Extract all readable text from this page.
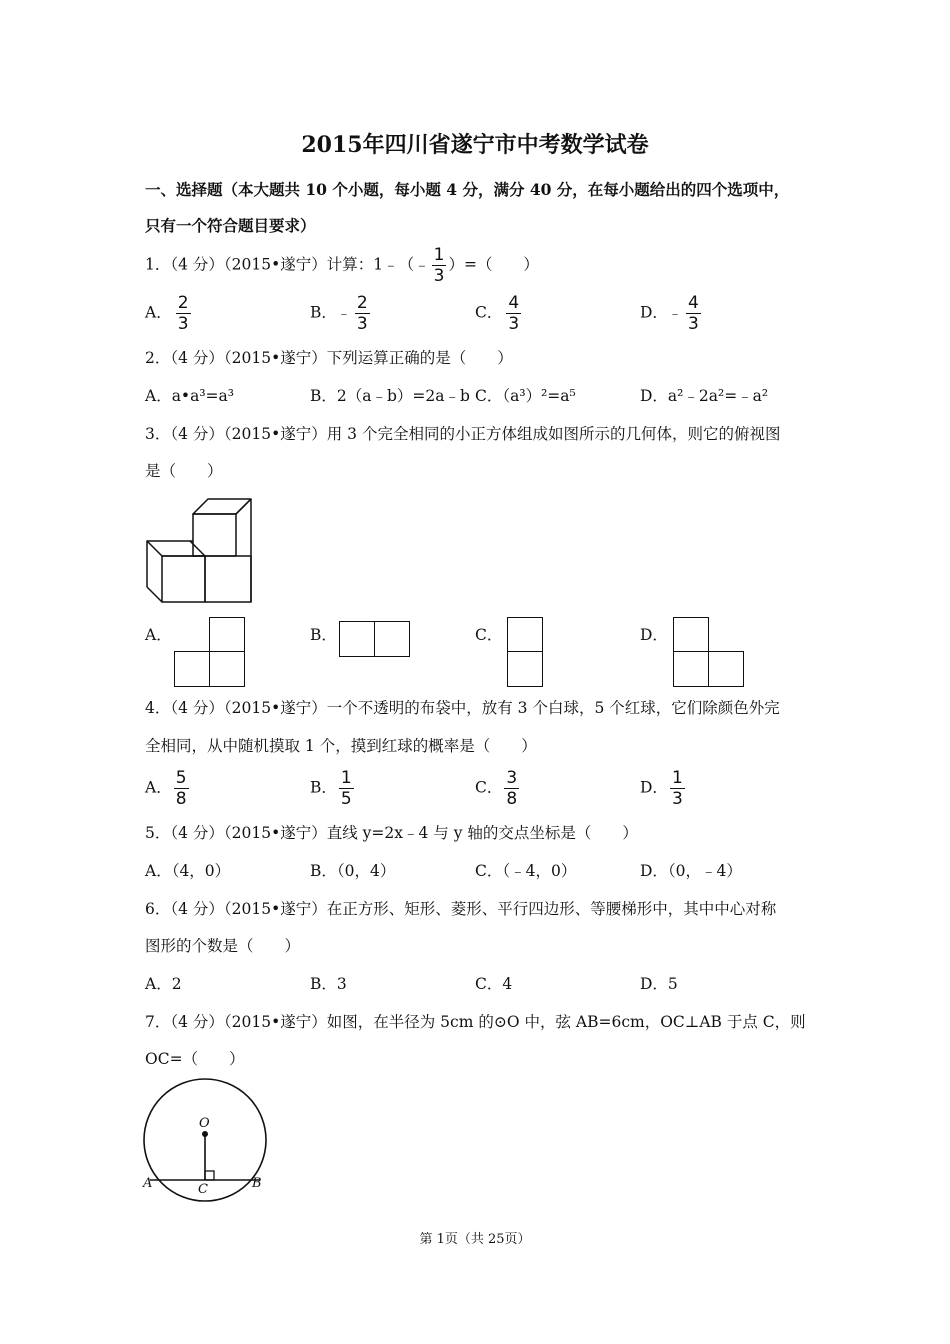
2015年四川省遂宁市中考数学试卷
一、选择题（本大题共 10 个小题，每小题 4 分，满分 40 分，在每小题给出的四个选项中，
只有一个符合题目要求）
1．（4 分）（2015•遂宁）计算：1﹣（﹣ $\frac{1}{3}$ ）=（　　）
A． $\frac{2}{3}$	B．﹣ $\frac{2}{3}$	C． $\frac{4}{3}$	D．﹣ $\frac{4}{3}$
2．（4 分）（2015•遂宁）下列运算正确的是（　　）
A．a•a³=a³	B．2（a﹣b）=2a﹣b C．（a³）²=a⁵	D．a²﹣2a²=﹣a²
3．（4 分）（2015•遂宁）用 3 个完全相同的小正方体组成如图所示的几何体，则它的俯视图
是（　　）
A．	B．	C．	D．
4．（4 分）（2015•遂宁）一个不透明的布袋中，放有 3 个白球，5 个红球，它们除颜色外完
全相同，从中随机摸取 1 个，摸到红球的概率是（　　）
A． $\frac{5}{8}$	B． $\frac{1}{5}$	C． $\frac{3}{8}$	D． $\frac{1}{3}$
5．（4 分）（2015•遂宁）直线 y=2x﹣4 与 y 轴的交点坐标是（　　）
A．（4，0）	B．（0，4）	C．（﹣4，0）	D．（0，﹣4）
6．（4 分）（2015•遂宁）在正方形、矩形、菱形、平行四边形、等腰梯形中，其中中心对称
图形的个数是（　　）
A．2	B．3	C．4	D．5
7．（4 分）（2015•遂宁）如图，在半径为 5cm 的⊙O 中，弦 AB=6cm，OC⊥AB 于点 C，则
OC=（　　）
O
A	B
C
第 1页（共 25页）
